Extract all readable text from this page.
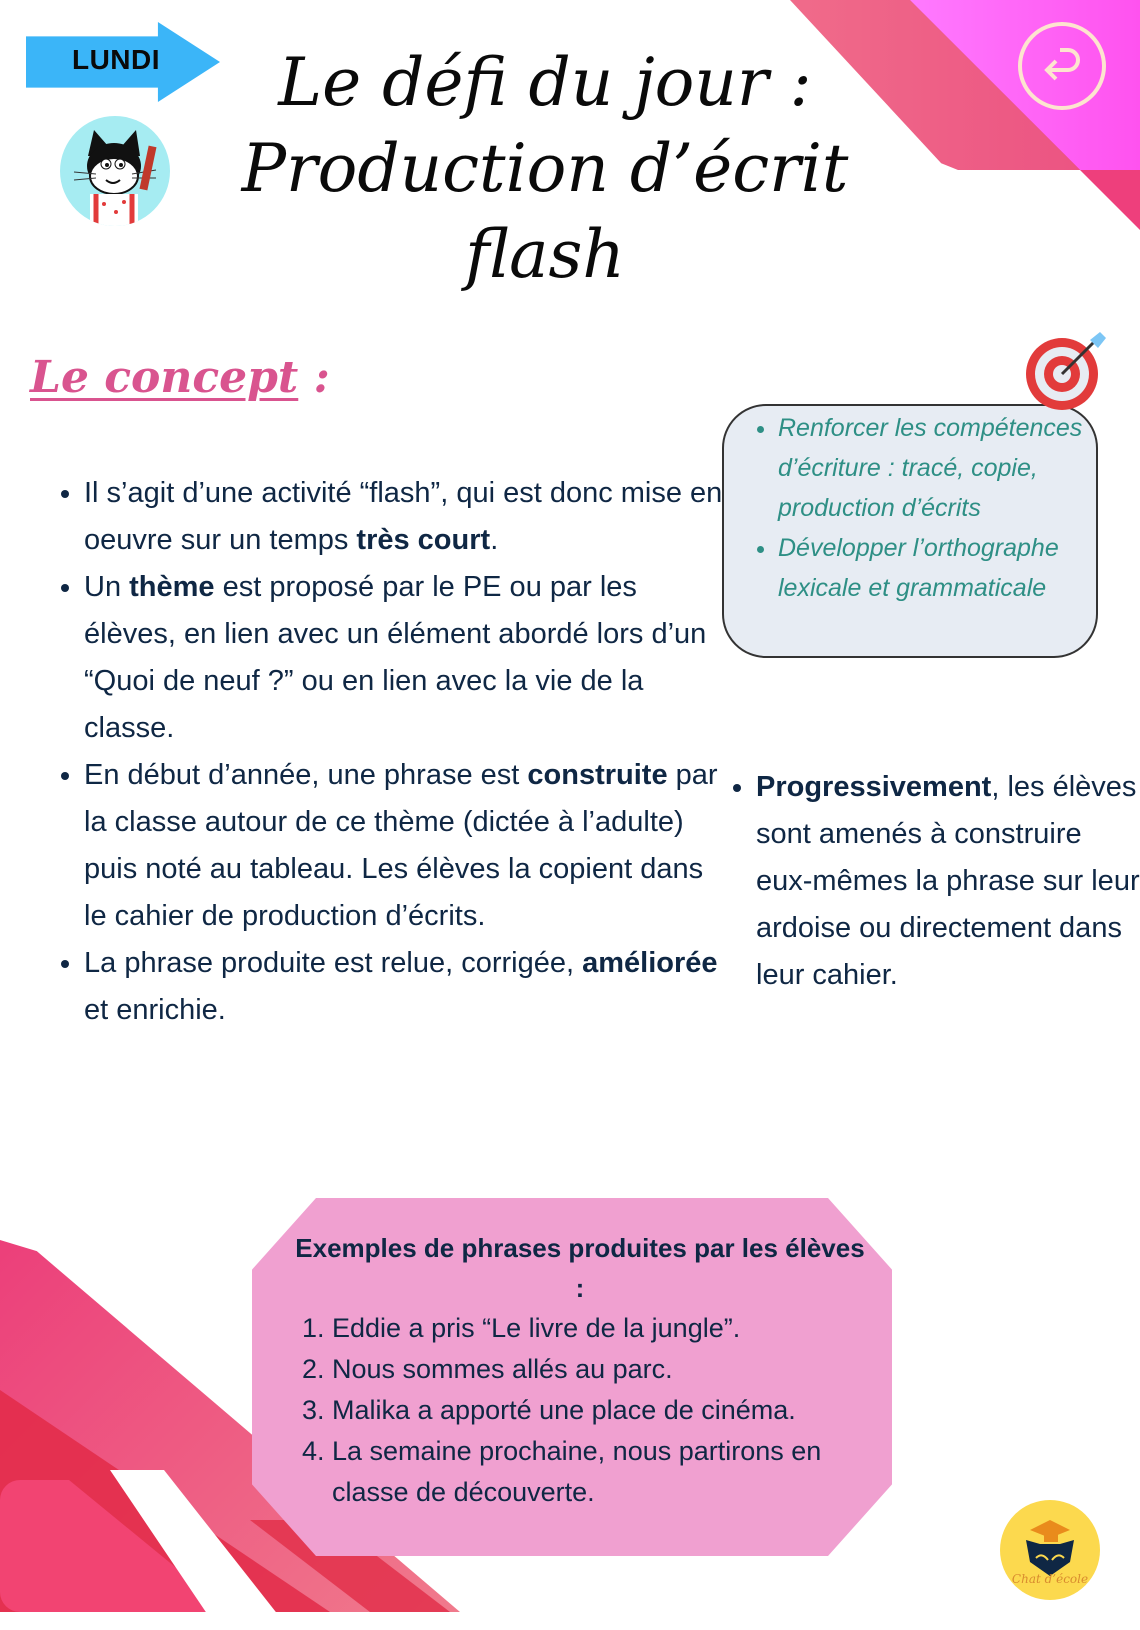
LUNDI	Le défi du jour :
Production d’écrit
flash
Le concept :
• Il s’agit d’une activité “flash”, qui est donc mise en oeuvre sur un temps très court.
• Un thème est proposé par le PE ou par les élèves, en lien avec un élément abordé lors d’un “Quoi de neuf ?” ou en lien avec la vie de la classe.
• En début d’année, une phrase est construite par la classe autour de ce thème (dictée à l’adulte) puis noté au tableau. Les élèves la copient dans le cahier de production d’écrits.
• La phrase produite est relue, corrigée, améliorée et enrichie.
• Renforcer les compétences d’écriture : tracé, copie, production d’écrits
• Développer l’orthographe lexicale et grammaticale
• Progressivement, les élèves sont amenés à construire eux-mêmes la phrase sur leur ardoise ou directement dans leur cahier.
Exemples de phrases produites par les élèves :
1. Eddie a pris “Le livre de la jungle”.
2. Nous sommes allés au parc.
3. Malika a apporté une place de cinéma.
4. La semaine prochaine, nous partirons en classe de découverte.
Chat d’école
